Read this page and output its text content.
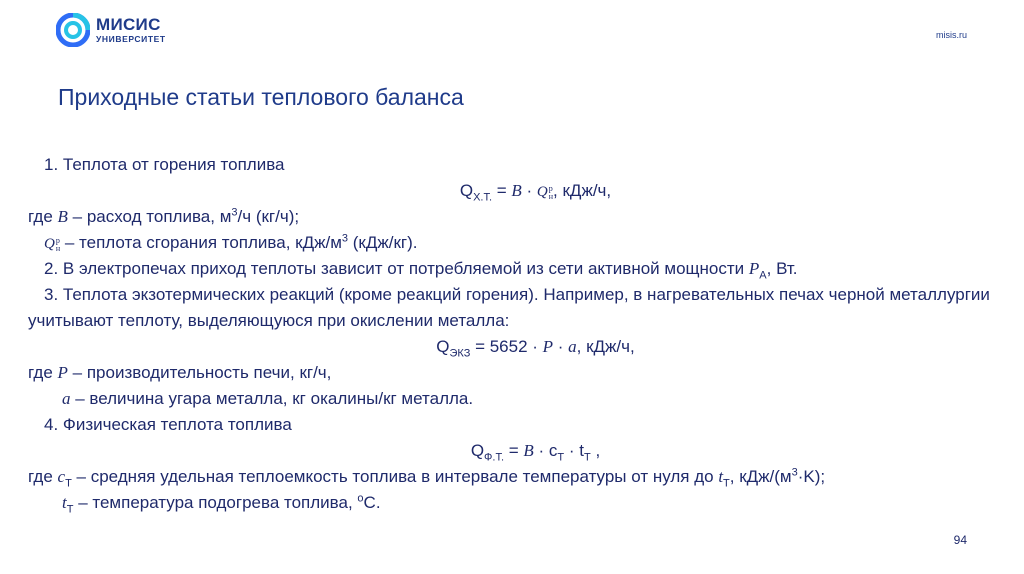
МИСИС
УНИВЕРСИТЕТ	misis.ru
Приходные статьи теплового баланса
1. Теплота от горения топлива
$Q_{Х.Т.} = B$ · Qр
н, кДж/ч,
где B – расход топлива, $м^3/ч$ (кг/ч);
Qр
н – теплота сгорания топлива, кДж/$м^3$ (кДж/кг).
2. В электропечах приход теплоты зависит от потребляемой из сети активной мощности $P_А$, Вт.
3. Теплота экзотермических реакций (кроме реакций горения). Например, в нагревательных печах черной металлургии учитывают теплоту, выделяющуюся при окислении металла:
$Q_{ЭКЗ} = 5652 \cdot P \cdot a$, кДж/ч,
где P – производительность печи, кг/ч,
a – величина угара металла, кг окалины/кг металла.
4. Физическая теплота топлива
$Q_{Ф.Т.} = B \cdot c_Т \cdot t_Т$ ,
где $c_Т$ – средняя удельная теплоемкость топлива в интервале температуры от нуля до $t_Т$, кДж/$(м^3\cdot K)$;
$t_Т$ – температура подогрева топлива, $^о$С.
94
